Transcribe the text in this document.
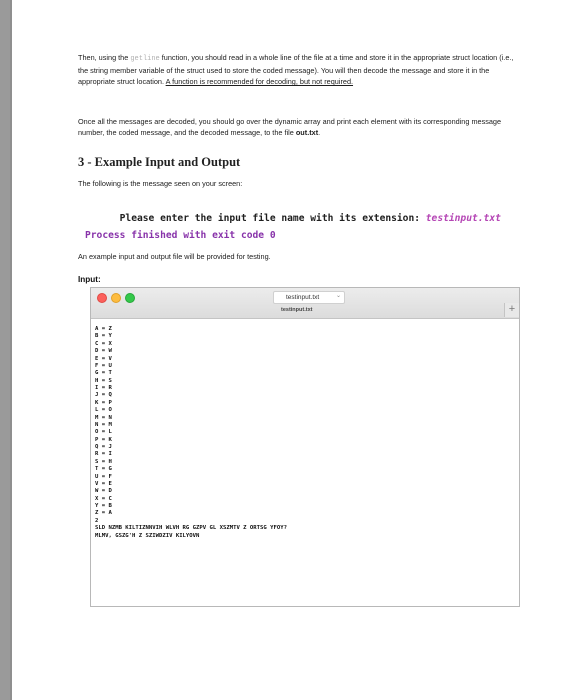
Then, using the getline function, you should read in a whole line of the file at a time and store it in the appropriate struct location (i.e., the string member variable of the struct used to store the coded message). You will then decode the message and store it in the appropriate struct location. A function is recommended for decoding, but not required.

Once all the messages are decoded, you should go over the dynamic array and print each element with its corresponding message number, the coded message, and the decoded message, to the file out.txt.

3 - Example Input and Output

The following is the message seen on your screen:

Please enter the input file name with its extension: testinput.txt

Process finished with exit code 0

An example input and output file will be provided for testing.

Input:

testinput.txt	⌄
testinput.txt	+
A = Z
B = Y
C = X
D = W
E = V
F = U
G = T
H = S
I = R
J = Q
K = P
L = O
M = N
N = M
O = L
P = K
Q = J
R = I
S = H
T = G
U = F
V = E
W = D
X = C
Y = B
Z = A
2
SLD NZMB KILTIZNNVIH WLVH RG GZPV GL XSZMTV Z ORTSG YFOY?
MLMV, GSZG'H Z SZIWDZIV KILYOVN
